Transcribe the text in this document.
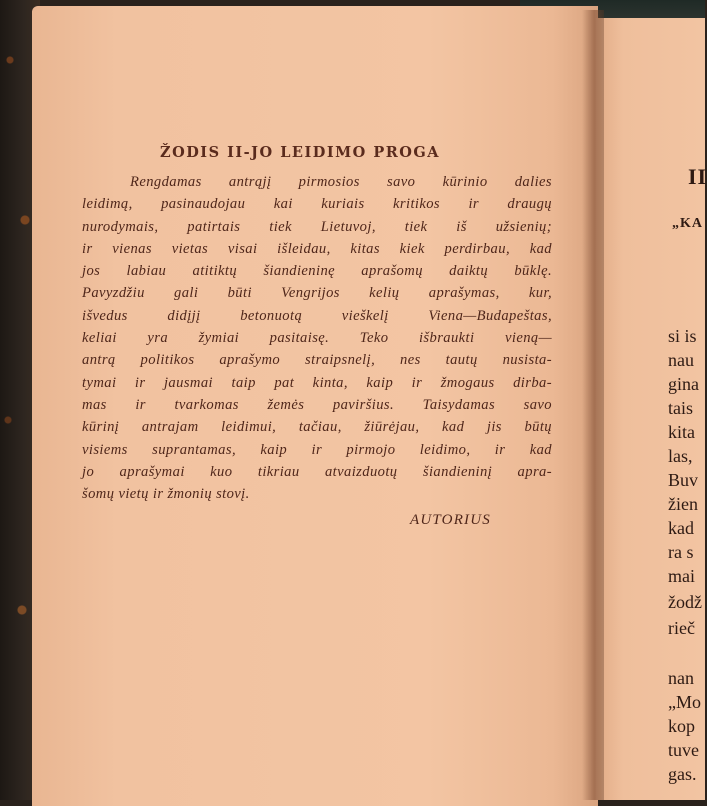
ŽODIS II-JO LEIDIMO PROGA
Rengdamas antrąjį pirmosios savo kūrinio dalies
leidimą, pasinaudojau kai kuriais kritikos ir draugų
nurodymais, patirtais tiek Lietuvoj, tiek iš užsienių;
ir vienas vietas visai išleidau, kitas kiek perdirbau, kad
jos labiau atitiktų šiandieninę aprašomų daiktų būklę.
Pavyzdžiu gali būti Vengrijos kelių aprašymas, kur,
išvedus didįjį betonuotą vieškelį Viena—Budapeštas,
keliai yra žymiai pasitaisę. Teko išbraukti vieną—
antrą politikos aprašymo straipsnelį, nes tautų nusista-
tymai ir jausmai taip pat kinta, kaip ir žmogaus dirba-
mas ir tvarkomas žemės paviršius. Taisydamas savo
kūrinį antrajam leidimui, tačiau, žiūrėjau, kad jis būtų
visiems suprantamas, kaip ir pirmojo leidimo, ir kad
jo aprašymai kuo tikriau atvaizduotų šiandieninį apra-
šomų vietų ir žmonių stovį.
AUTORIUS
II
„KA
si is
nau
gina
tais
kita
las,
Buv
žien
kad
ra s
mai
žodž
rieč
nan
„Mo
kop
tuve
gas.
